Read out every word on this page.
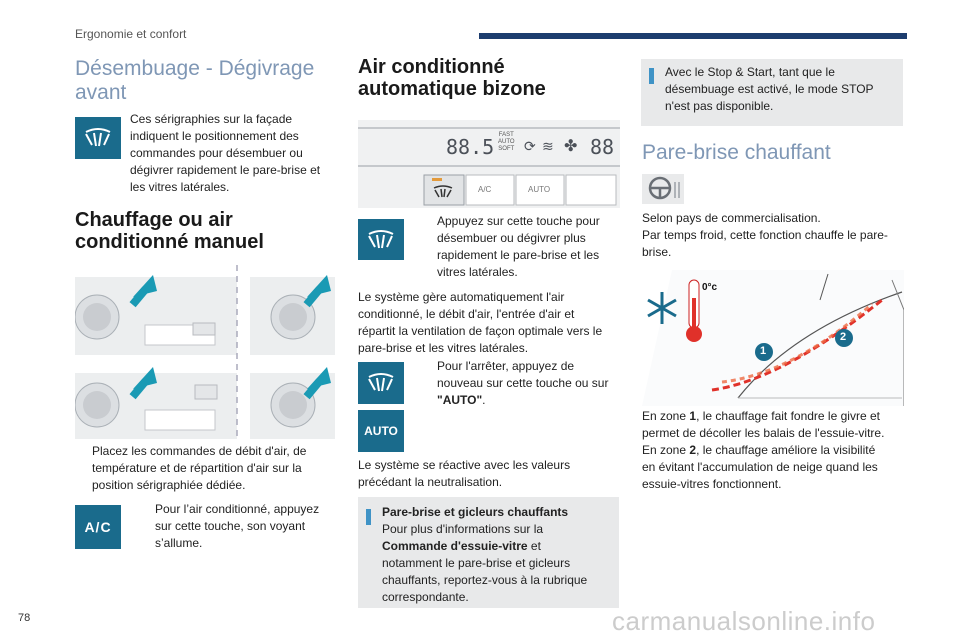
Ergonomie et confort
Désembuage - Dégivrage
avant
Ces sérigraphies sur la façade
indiquent le positionnement des
commandes pour désembuer ou
dégivrer rapidement le pare-brise et
les vitres latérales.
Chauffage ou air
conditionné manuel
Placez les commandes de débit d'air, de
température et de répartition d'air sur la
position sérigraphiée dédiée.
A/C
Pour l’air conditionné, appuyez
sur cette touche, son voyant
s’allume.
Air conditionné
automatique bizone
88.5 FAST
AUTO
SOFT ⟳ ≋ ✤ 88
A/C	AUTO
Appuyez sur cette touche pour
désembuer ou dégivrer plus
rapidement le pare-brise et les
vitres latérales.
Le système gère automatiquement l'air
conditionné, le débit d'air, l'entrée d'air et
répartit la ventilation de façon optimale vers le
pare-brise et les vitres latérales.
AUTO
Pour l'arrêter, appuyez de
nouveau sur cette touche ou sur
"AUTO".
Le système se réactive avec les valeurs
précédant la neutralisation.
Pare-brise et gicleurs chauffants
Pour plus d'informations sur la
Commande d'essuie-vitre et
notamment le pare-brise et gicleurs
chauffants, reportez-vous à la rubrique
correspondante.
Avec le Stop & Start, tant que le
désembuage est activé, le mode STOP
n'est pas disponible.
Pare-brise chauffant
Selon pays de commercialisation.
Par temps froid, cette fonction chauffe le pare-
brise.
0°c
1
2
En zone 1, le chauffage fait fondre le givre et
permet de décoller les balais de l'essuie-vitre.
En zone 2, le chauffage améliore la visibilité
en évitant l'accumulation de neige quand les
essuie-vitres fonctionnent.
78	carmanualsonline.info
